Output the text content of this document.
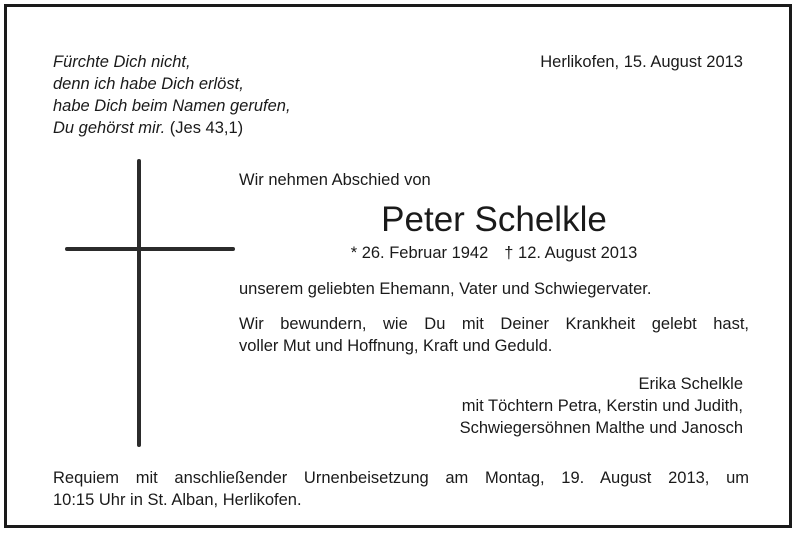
Fürchte Dich nicht,
denn ich habe Dich erlöst,
habe Dich beim Namen gerufen,
Du gehörst mir. (Jes 43,1)
Herlikofen, 15. August 2013
Wir nehmen Abschied von
Peter Schelkle
* 26. Februar 1942 † 12. August 2013
unserem geliebten Ehemann, Vater und Schwiegervater.
Wir bewundern, wie Du mit Deiner Krankheit gelebt hast,
voller Mut und Hoffnung, Kraft und Geduld.
Erika Schelkle
mit Töchtern Petra, Kerstin und Judith,
Schwiegersöhnen Malthe und Janosch
Requiem mit anschließender Urnenbeisetzung am Montag, 19. August 2013, um
10:15 Uhr in St. Alban, Herlikofen.
